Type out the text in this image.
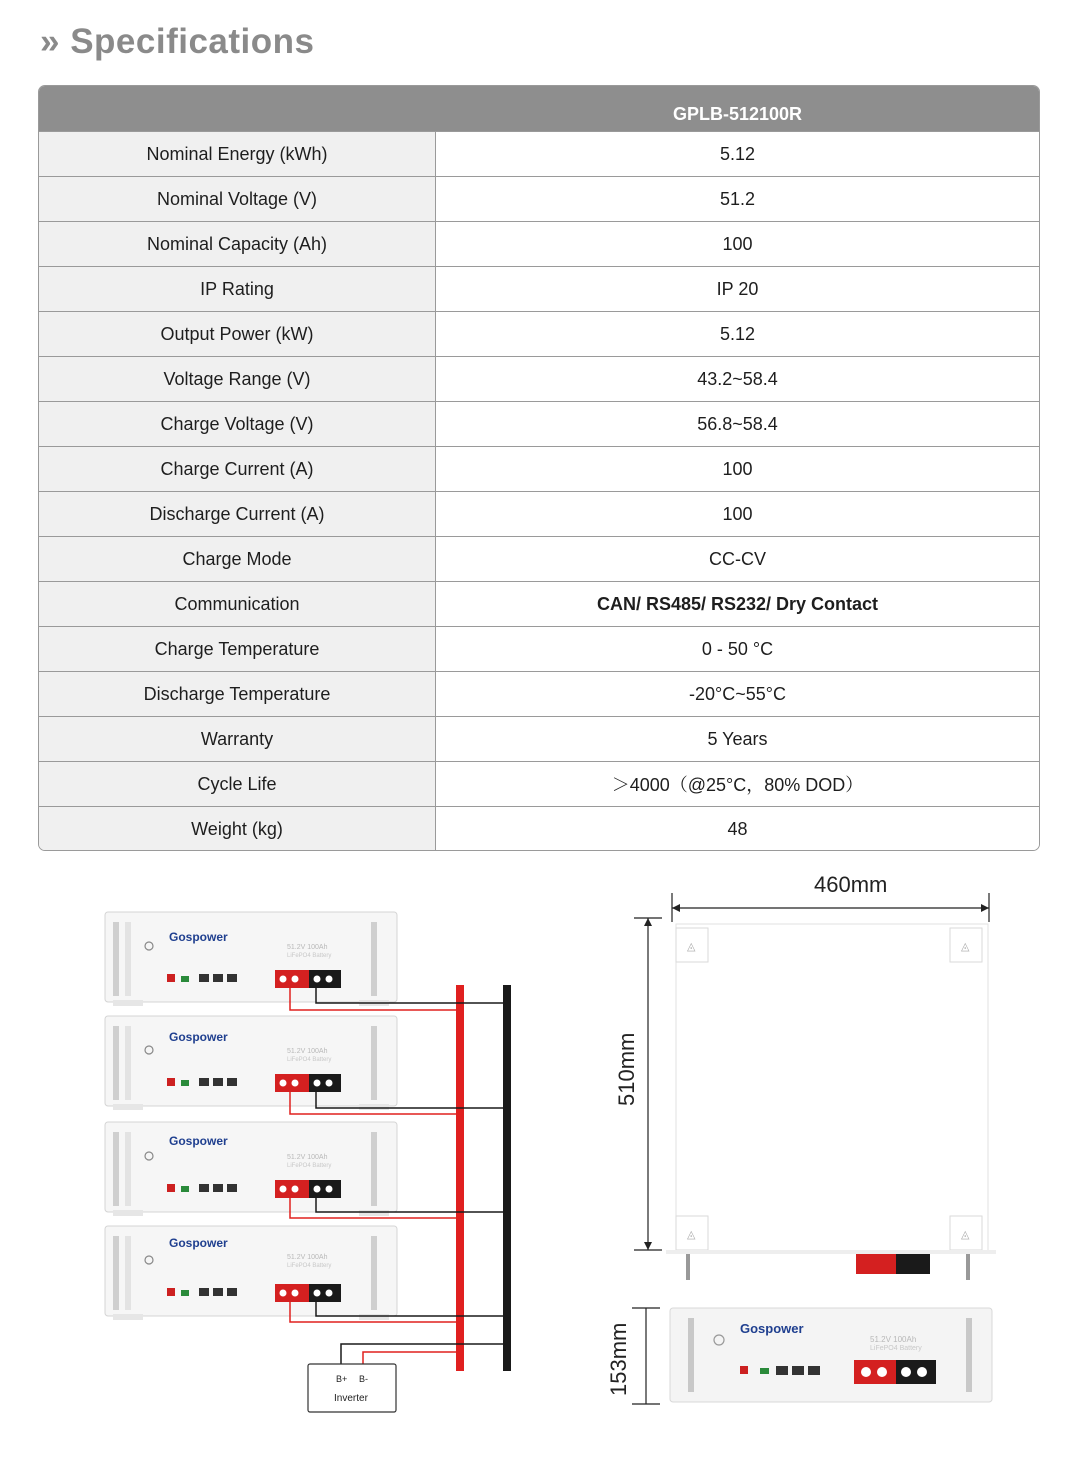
» Specifications
GPLB-512100R
Nominal Energy (kWh)	5.12
Nominal Voltage (V)	51.2
Nominal Capacity (Ah)	100
IP Rating	IP 20
Output Power (kW)	5.12
Voltage Range (V)	43.2~58.4
Charge Voltage (V)	56.8~58.4
Charge Current (A)	100
Discharge Current (A)	100
Charge Mode	CC-CV
Communication	CAN/ RS485/ RS232/ Dry Contact
Charge Temperature	0 - 50 °C
Discharge Temperature	-20°C~55°C
Warranty	5 Years
Cycle Life	＞4000（@25°C，80% DOD）
Weight (kg)	48
Gospower
51.2V 100Ah
LiFePO4 Battery
Gospower
51.2V 100Ah
LiFePO4 Battery
Gospower
51.2V 100Ah
LiFePO4 Battery
Gospower
51.2V 100Ah
LiFePO4 Battery
B+ B-
Inverter
460mm
◬	◬
◬	◬
510mm
153mm	Gospower
51.2V 100Ah
LiFePO4 Battery
